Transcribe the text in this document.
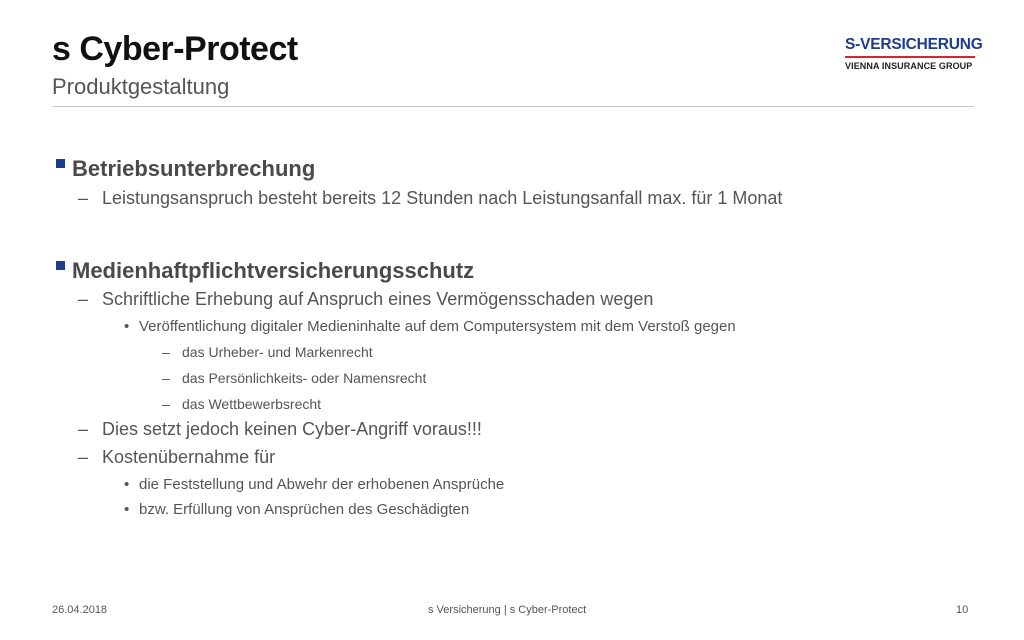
s Cyber-Protect
Produktgestaltung
S-VERSICHERUNG
VIENNA INSURANCE GROUP
Betriebsunterbrechung
– Leistungsanspruch besteht bereits 12 Stunden nach Leistungsanfall max. für 1 Monat
Medienhaftpflichtversicherungsschutz
– Schriftliche Erhebung auf Anspruch eines Vermögensschaden wegen
• Veröffentlichung digitaler Medieninhalte auf dem Computersystem mit dem Verstoß gegen
– das Urheber- und Markenrecht
– das Persönlichkeits- oder Namensrecht
– das Wettbewerbsrecht
– Dies setzt jedoch keinen Cyber-Angriff voraus!!!
– Kostenübernahme für
• die Feststellung und Abwehr der erhobenen Ansprüche
• bzw. Erfüllung von Ansprüchen des Geschädigten
26.04.2018	s Versicherung | s Cyber-Protect	10
